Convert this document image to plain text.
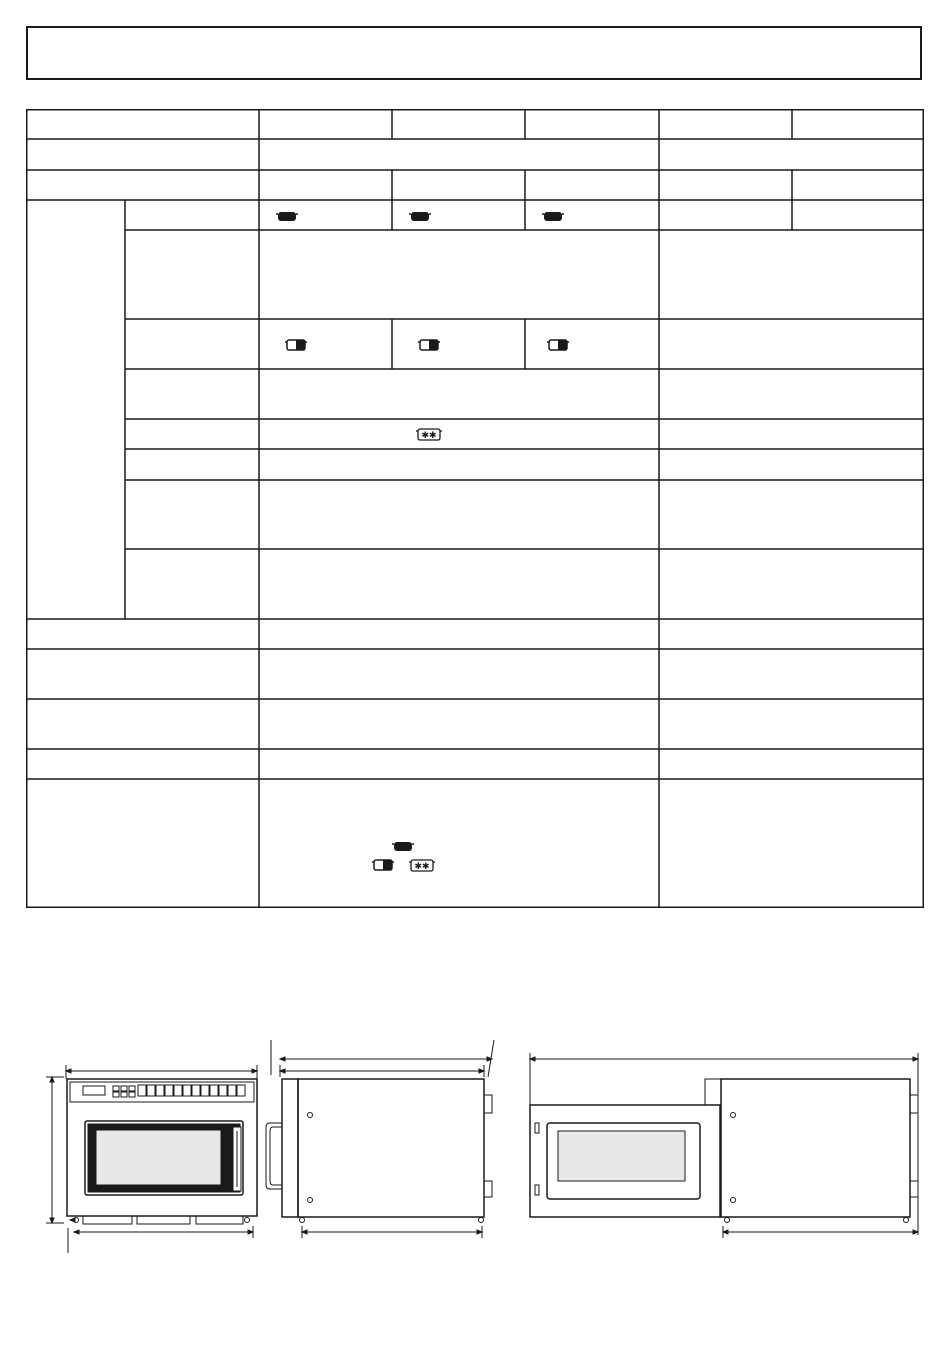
✱✱
✱✱
